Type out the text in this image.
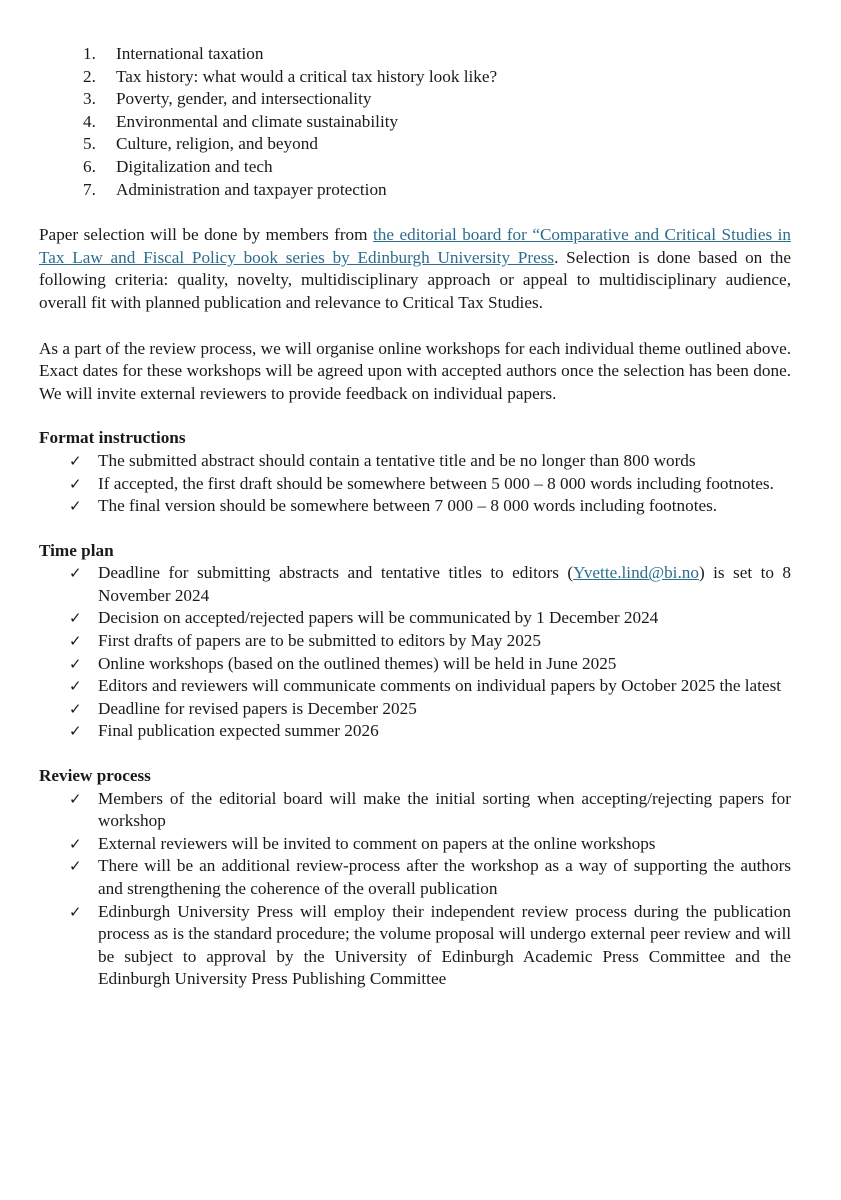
1. International taxation
2. Tax history: what would a critical tax history look like?
3. Poverty, gender, and intersectionality
4. Environmental and climate sustainability
5. Culture, religion, and beyond
6. Digitalization and tech
7. Administration and taxpayer protection

Paper selection will be done by members from the editorial board for “Comparative and Critical Studies in Tax Law and Fiscal Policy book series by Edinburgh University Press. Selection is done based on the following criteria: quality, novelty, multidisciplinary approach or appeal to multidisciplinary audience, overall fit with planned publication and relevance to Critical Tax Studies.

As a part of the review process, we will organise online workshops for each individual theme outlined above. Exact dates for these workshops will be agreed upon with accepted authors once the selection has been done. We will invite external reviewers to provide feedback on individual papers.

Format instructions
✓ The submitted abstract should contain a tentative title and be no longer than 800 words
✓ If accepted, the first draft should be somewhere between 5 000 – 8 000 words including footnotes.
✓ The final version should be somewhere between 7 000 – 8 000 words including footnotes.
Time plan
✓ Deadline for submitting abstracts and tentative titles to editors (Yvette.lind@bi.no) is set to 8 November 2024
✓ Decision on accepted/rejected papers will be communicated by 1 December 2024
✓ First drafts of papers are to be submitted to editors by May 2025
✓ Online workshops (based on the outlined themes) will be held in June 2025
✓ Editors and reviewers will communicate comments on individual papers by October 2025 the latest
✓ Deadline for revised papers is December 2025
✓ Final publication expected summer 2026
Review process
✓ Members of the editorial board will make the initial sorting when accepting/rejecting papers for workshop
✓ External reviewers will be invited to comment on papers at the online workshops
✓ There will be an additional review-process after the workshop as a way of supporting the authors and strengthening the coherence of the overall publication
✓ Edinburgh University Press will employ their independent review process during the publication process as is the standard procedure; the volume proposal will undergo external peer review and will be subject to approval by the University of Edinburgh Academic Press Committee and the Edinburgh University Press Publishing Committee
